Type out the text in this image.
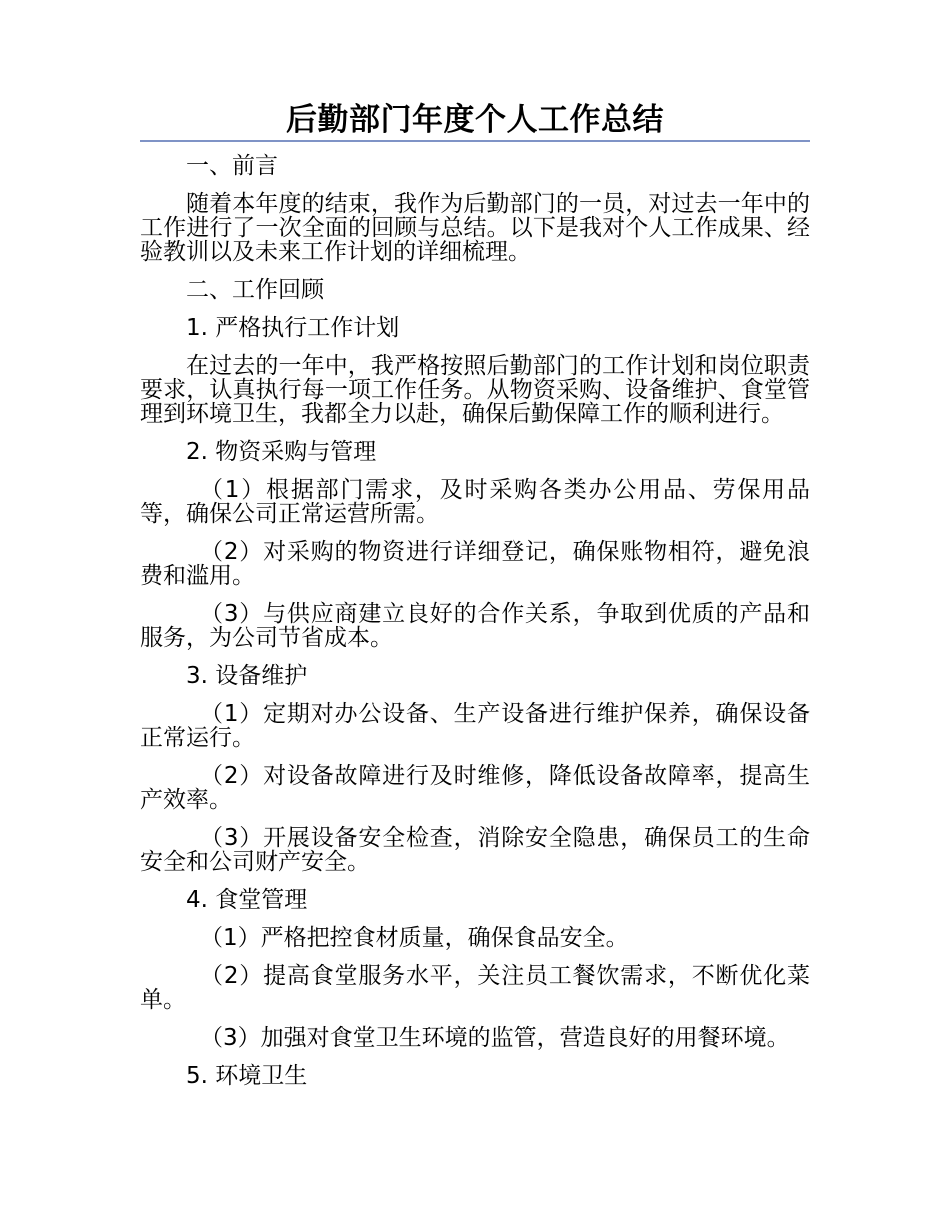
后勤部门年度个人工作总结

一、前言

随着本年度的结束，我作为后勤部门的一员，对过去一年中的工作进行了一次全面的回顾与总结。以下是我对个人工作成果、经验教训以及未来工作计划的详细梳理。

二、工作回顾

1. 严格执行工作计划

在过去的一年中，我严格按照后勤部门的工作计划和岗位职责要求，认真执行每一项工作任务。从物资采购、设备维护、食堂管理到环境卫生，我都全力以赴，确保后勤保障工作的顺利进行。

2. 物资采购与管理

（1）根据部门需求，及时采购各类办公用品、劳保用品等，确保公司正常运营所需。

（2）对采购的物资进行详细登记，确保账物相符，避免浪费和滥用。

（3）与供应商建立良好的合作关系，争取到优质的产品和服务，为公司节省成本。

3. 设备维护

（1）定期对办公设备、生产设备进行维护保养，确保设备正常运行。

（2）对设备故障进行及时维修，降低设备故障率，提高生产效率。

（3）开展设备安全检查，消除安全隐患，确保员工的生命安全和公司财产安全。

4. 食堂管理

（1）严格把控食材质量，确保食品安全。

（2）提高食堂服务水平，关注员工餐饮需求，不断优化菜单。

（3）加强对食堂卫生环境的监管，营造良好的用餐环境。

5. 环境卫生
